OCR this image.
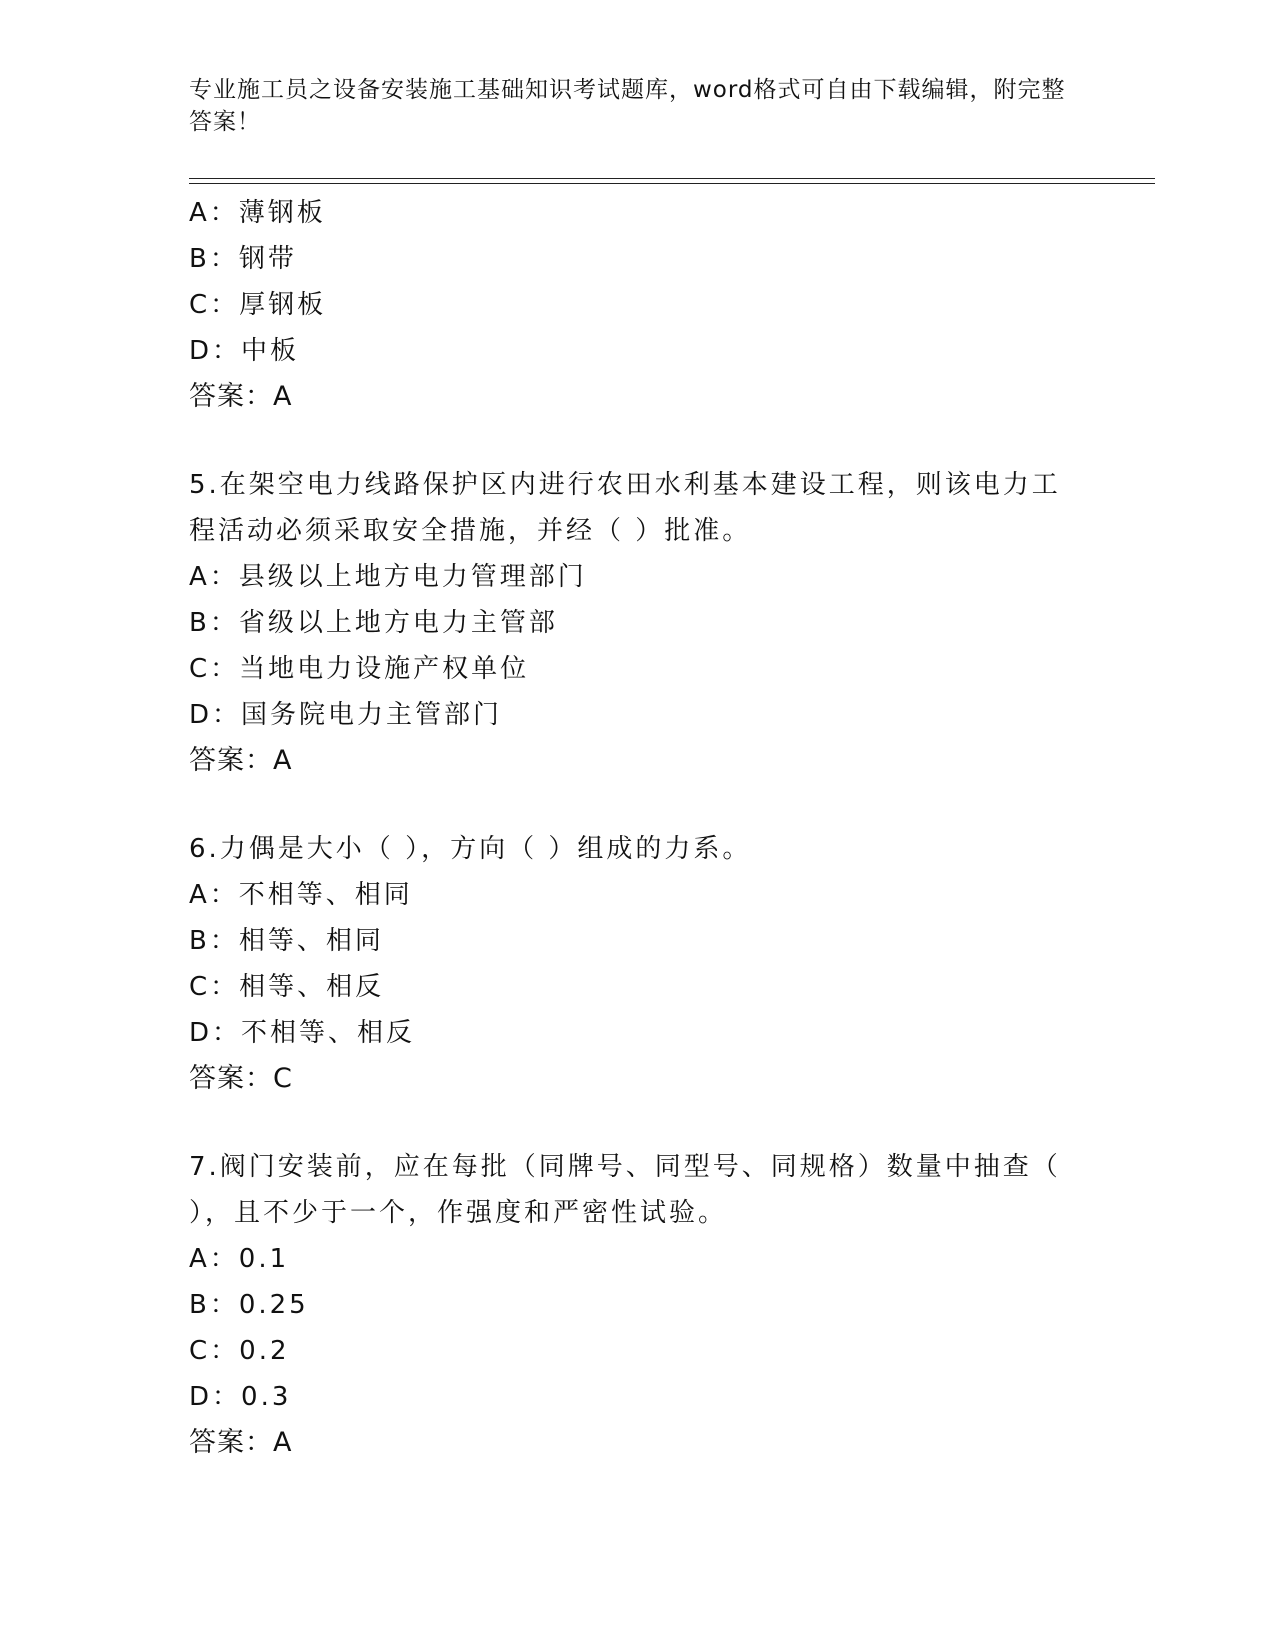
专业施工员之设备安装施工基础知识考试题库，word格式可自由下载编辑，附完整答案！
A：薄钢板
B：钢带
C：厚钢板
D：中板
答案：A
5.在架空电力线路保护区内进行农田水利基本建设工程，则该电力工程活动必须采取安全措施，并经（ ）批准。
A：县级以上地方电力管理部门
B：省级以上地方电力主管部
C：当地电力设施产权单位
D：国务院电力主管部门
答案：A
6.力偶是大小（ ），方向（ ）组成的力系。
A：不相等、相同
B：相等、相同
C：相等、相反
D：不相等、相反
答案：C
7.阀门安装前，应在每批（同牌号、同型号、同规格）数量中抽查（ ），且不少于一个，作强度和严密性试验。
A：0.1
B：0.25
C：0.2
D：0.3
答案：A
